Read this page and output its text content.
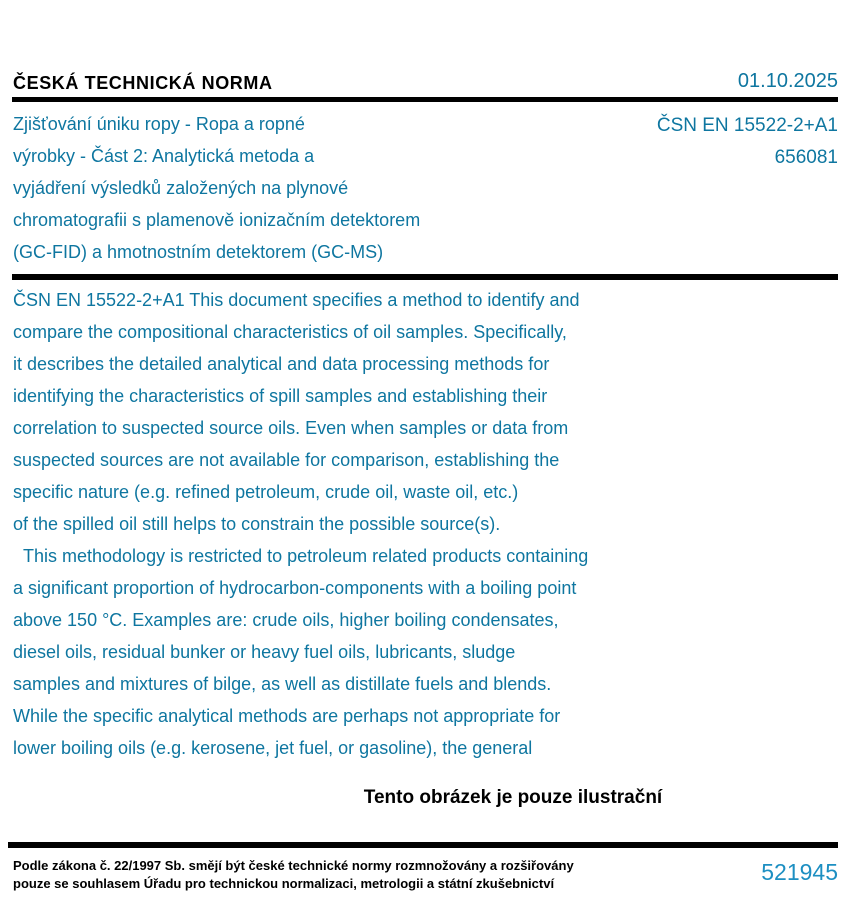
ČESKÁ TECHNICKÁ NORMA	01.10.2025
Zjišťování úniku ropy - Ropa a ropné
výrobky - Část 2: Analytická metoda a
vyjádření výsledků založených na plynové
chromatografii s plamenově ionizačním detektorem
(GC-FID) a hmotnostním detektorem (GC-MS)
ČSN EN 15522-2+A1
656081
ČSN EN 15522-2+A1 This document specifies a method to identify and
compare the compositional characteristics of oil samples. Specifically,
it describes the detailed analytical and data processing methods for
identifying the characteristics of spill samples and establishing their
correlation to suspected source oils. Even when samples or data from
suspected sources are not available for comparison, establishing the
specific nature (e.g. refined petroleum, crude oil, waste oil, etc.)
of the spilled oil still helps to constrain the possible source(s).
This methodology is restricted to petroleum related products containing
a significant proportion of hydrocarbon-components with a boiling point
above 150 °C. Examples are: crude oils, higher boiling condensates,
diesel oils, residual bunker or heavy fuel oils, lubricants, sludge
samples and mixtures of bilge, as well as distillate fuels and blends.
While the specific analytical methods are perhaps not appropriate for
lower boiling oils (e.g. kerosene, jet fuel, or gasoline), the general
Tento obrázek je pouze ilustrační
Podle zákona č. 22/1997 Sb. smějí být české technické normy rozmnožovány a rozšiřovány
pouze se souhlasem Úřadu pro technickou normalizaci, metrologii a státní zkušebnictví	521945
